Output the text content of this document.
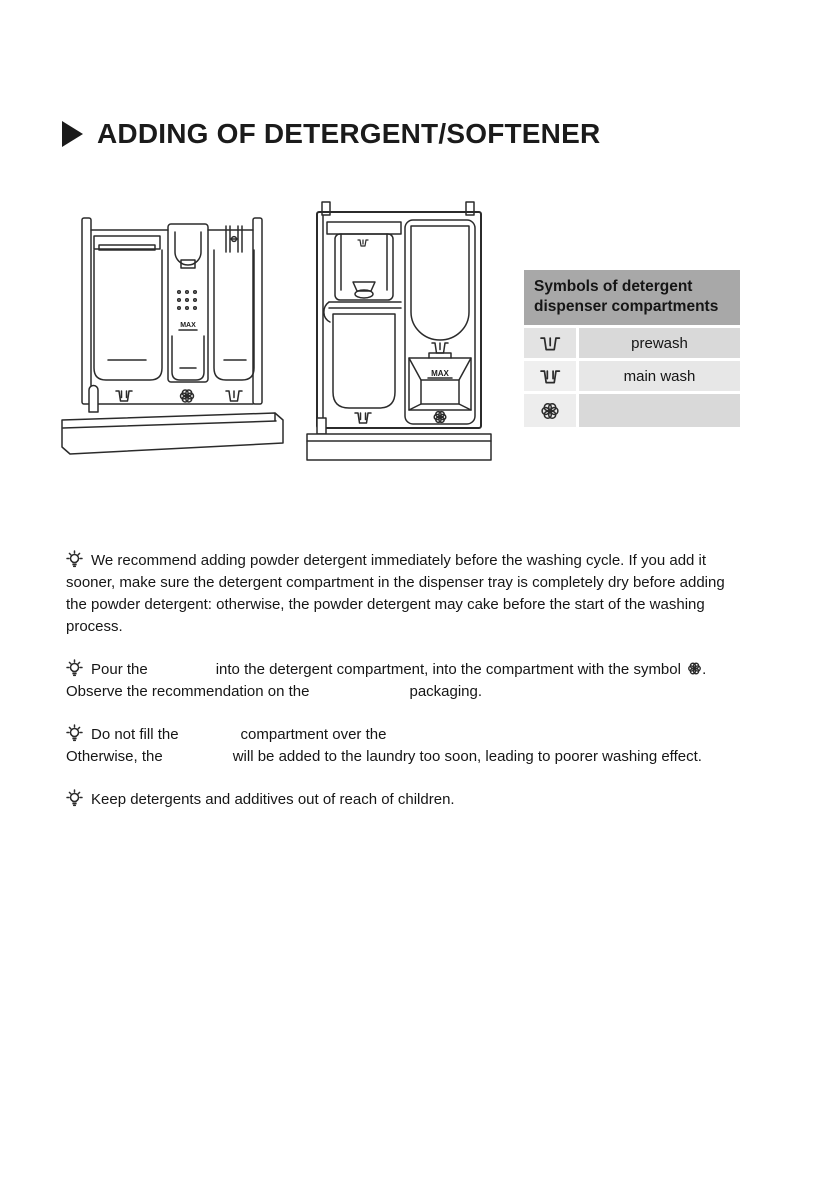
ADDING OF DETERGENT/SOFTENER
MAX
MAX
Symbols of detergent dispenser compartments
prewash
main wash

We recommend adding powder detergent immediately before the washing cycle. If you add it
sooner, make sure the detergent compartment in the dispenser tray is completely dry before adding
the powder detergent: otherwise, the powder detergent may cake before the start of the washing
process.

Pour the	into the detergent compartment, into the compartment with the symbol .
Observe the recommendation on the	packaging.

Do not fill the	compartment over the
Otherwise, the	will be added to the laundry too soon, leading to poorer washing effect.

Keep detergents and additives out of reach of children.
